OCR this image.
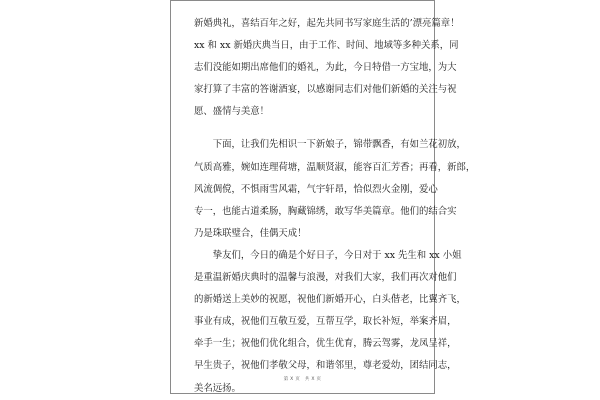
新婚典礼，喜结百年之好，起先共同书写家庭生活的’漂亮篇章！

xx 和 xx 新婚庆典当日，由于工作、时间、地域等多种关系，同
志们没能如期出席他们的婚礼，为此，今日特借一方宝地，为大
家打算了丰富的答谢酒宴，以感谢同志们对他们新婚的关注与祝
愿、盛情与美意！

　　下面，让我们先相识一下新娘子，锦带飘香，有如兰花初放，
气质高雅，婉如连理荷塘，温顺贤淑，能容百汇芳香；再看，新郎，
风流倜傥，不惧雨雪风霜，气宇轩昂，恰似烈火金刚，爱心
专一，也能古道柔肠，胸藏锦绣，敢写华美篇章。他们的结合实
乃是珠联璧合，佳偶天成！

　　挚友们，今日的确是个好日子，今日对于 xx 先生和 xx 小姐
是重温新婚庆典时的温馨与浪漫，对我们大家，我们再次对他们
的新婚送上美妙的祝愿，祝他们新婚开心，白头偕老，比翼齐飞，
事业有成，祝他们互敬互爱，互帮互学，取长补短，举案齐眉，
牵手一生；祝他们优化组合，优生优育，腾云驾雾，龙凤呈祥，
早生贵子，祝他们孝敬父母，和谐邻里，尊老爱幼，团结同志，
美名远扬。

第 X 页　共 X 页
